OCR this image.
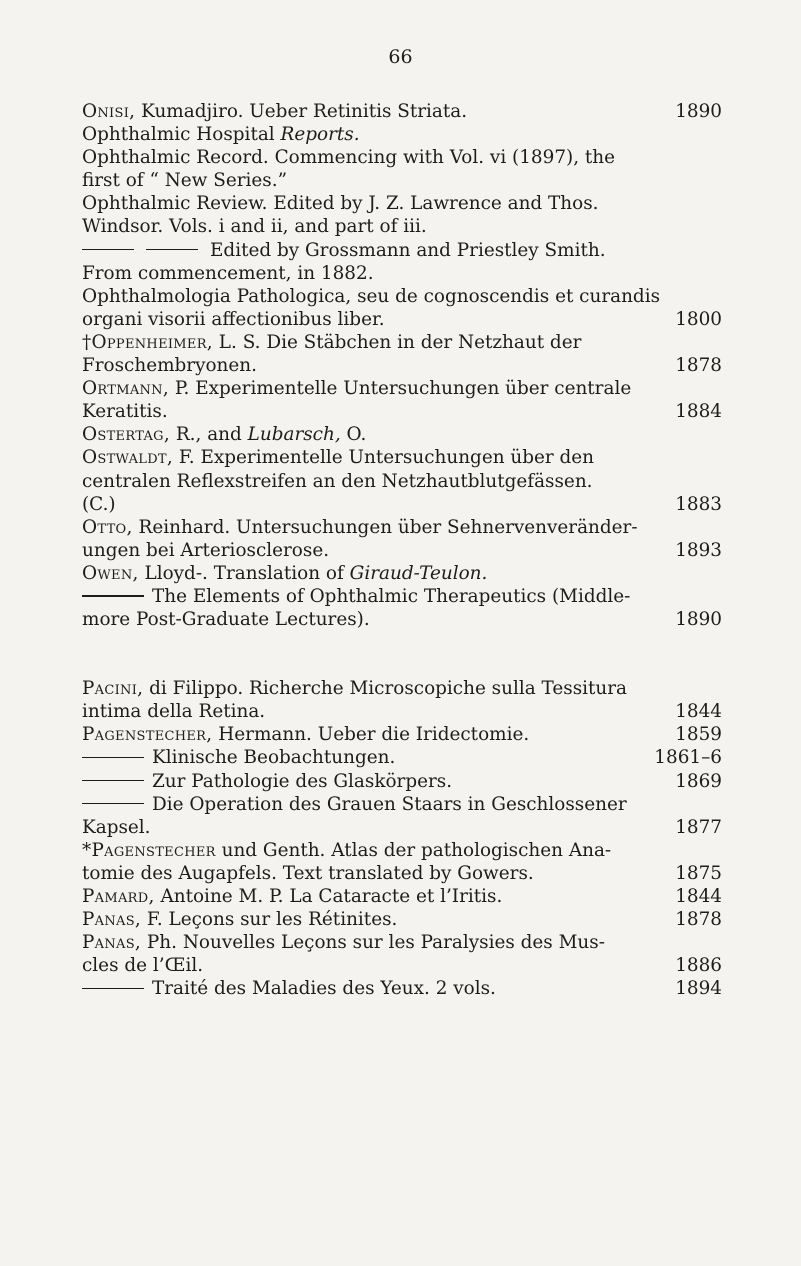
66
Onisi, Kumadjiro. Ueber Retinitis Striata.	1890
Ophthalmic Hospital Reports.
Ophthalmic Record. Commencing with Vol. vi (1897), the
first of “ New Series.”
Ophthalmic Review. Edited by J. Z. Lawrence and Thos.
Windsor. Vols. i and ii, and part of iii.
Edited by Grossmann and Priestley Smith.
From commencement, in 1882.
Ophthalmologia Pathologica, seu de cognoscendis et curandis
organi visorii affectionibus liber.	1800
†Oppenheimer, L. S. Die Stäbchen in der Netzhaut der
Froschembryonen.	1878
Ortmann, P. Experimentelle Untersuchungen über centrale
Keratitis.	1884
Ostertag, R., and Lubarsch, O.
Ostwaldt, F. Experimentelle Untersuchungen über den
centralen Reflexstreifen an den Netzhautblutgefässen.
(C.)	1883
Otto, Reinhard. Untersuchungen über Sehnervenveränder-
ungen bei Arteriosclerose.	1893
Owen, Lloyd-. Translation of Giraud-Teulon.
The Elements of Ophthalmic Therapeutics (Middle-
more Post-Graduate Lectures).	1890
Pacini, di Filippo. Richerche Microscopiche sulla Tessitura
intima della Retina.	1844
Pagenstecher, Hermann. Ueber die Iridectomie.	1859
Klinische Beobachtungen.	1861–6
Zur Pathologie des Glaskörpers.	1869
Die Operation des Grauen Staars in Geschlossener
Kapsel.	1877
*Pagenstecher und Genth. Atlas der pathologischen Ana-
tomie des Augapfels. Text translated by Gowers.	1875
Pamard, Antoine M. P. La Cataracte et l’Iritis.	1844
Panas, F. Leçons sur les Rétinites.	1878
Panas, Ph. Nouvelles Leçons sur les Paralysies des Mus-
cles de l’Œil.	1886
Traité des Maladies des Yeux. 2 vols.	1894
